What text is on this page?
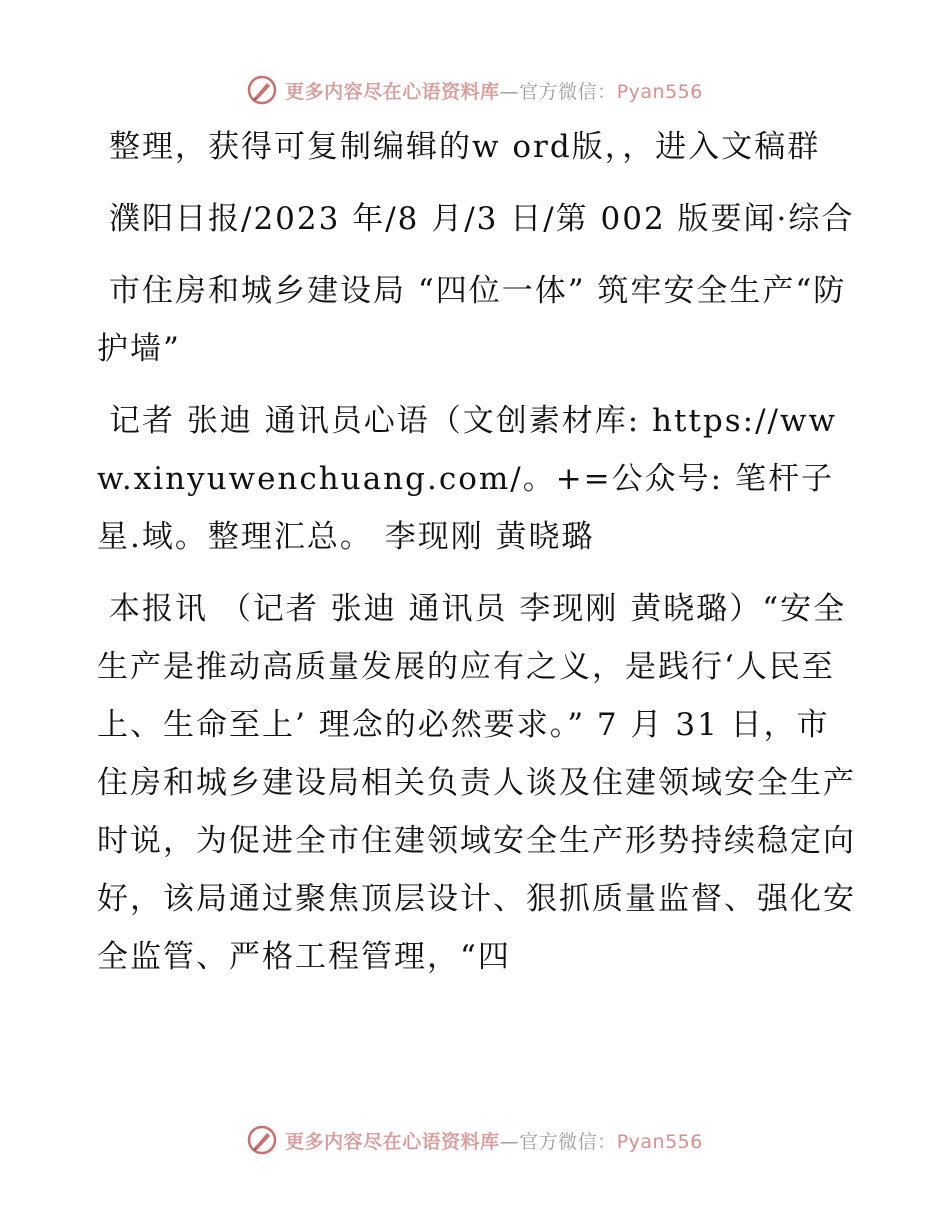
更多内容尽在心语资料库—官方微信：Pyan556

整理，获得可复制编辑的w ord版，，进入文稿群

濮阳日报/2023 年/8 月/3 日/第 002 版要闻·综合

市住房和城乡建设局 “四位一体” 筑牢安全生产“防护墙”

记者 张迪 通讯员心语（文创素材库: https://www.xinyuwenchuang.com/。+=公众号: 笔杆子星.域。整理汇总。 李现刚 黄晓璐

本报讯 （记者 张迪 通讯员 李现刚 黄晓璐）“安全生产是推动高质量发展的应有之义，是践行‘人民至上、生命至上’ 理念的必然要求。” 7 月 31 日，市住房和城乡建设局相关负责人谈及住建领域安全生产时说，为促进全市住建领域安全生产形势持续稳定向好，该局通过聚焦顶层设计、狠抓质量监督、强化安全监管、严格工程管理，“四

更多内容尽在心语资料库—官方微信：Pyan556
